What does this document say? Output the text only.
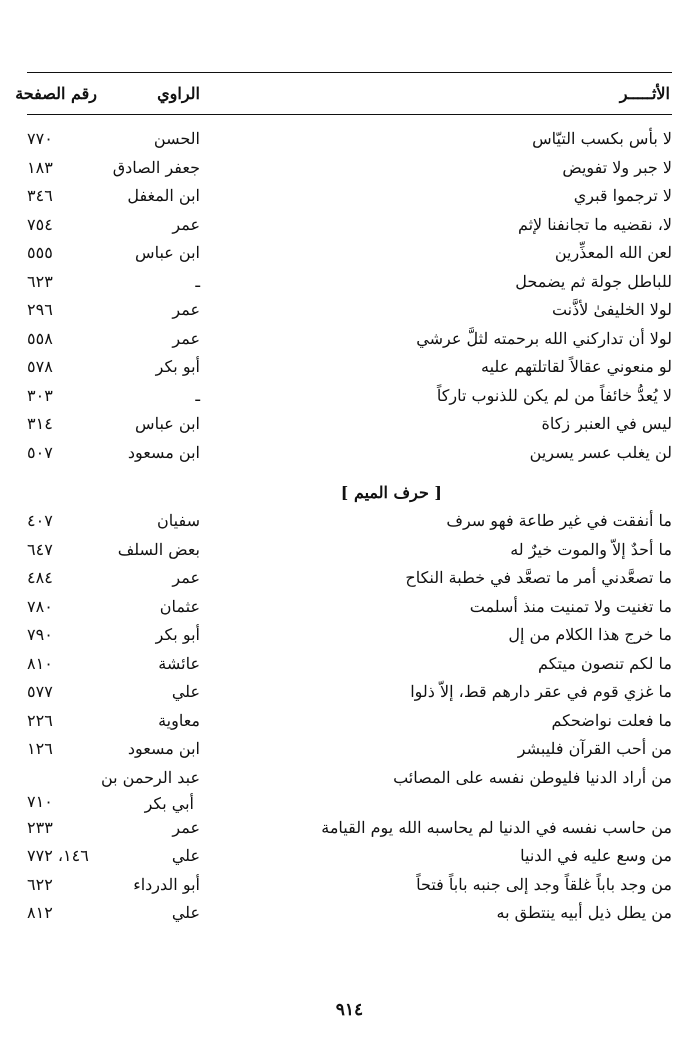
الأثـــــر
الراوي
رقم الصفحة
لا بأس بكسب التيّاس
الحسن
٧٧٠
لا جبر ولا تفويض
جعفر الصادق
١٨٣
لا ترجموا قبري
ابن المغفل
٣٤٦
لا، نقضيه ما تجانفنا لإثم
عمر
٧٥٤
لعن الله المعذِّرين
ابن عباس
٥٥٥
للباطل جولة ثم يضمحل
ـ
٦٢٣
لولا الخليفىٰ لأذَّنت
عمر
٢٩٦
لولا أن تداركني الله برحمته لثلَّ عرشي
عمر
٥٥٨
لو منعوني عقالاً لقاتلتهم عليه
أبو بكر
٥٧٨
لا يُعدُّ خائفاً من لم يكن للذنوب تاركاً
ـ
٣٠٣
ليس في العنبر زكاة
ابن عباس
٣١٤
لن يغلب عسر يسرين
ابن مسعود
٥٠٧
[ حرف الميم ]
ما أنفقت في غير طاعة فهو سرف
سفيان
٤٠٧
ما أحدٌ إلاّ والموت خيرٌ له
بعض السلف
٦٤٧
ما تصعَّدني أمر ما تصعَّد في خطبة النكاح
عمر
٤٨٤
ما تغنيت ولا تمنيت منذ أسلمت
عثمان
٧٨٠
ما خرج هذا الكلام من إل
أبو بكر
٧٩٠
ما لكم تنصون ميتكم
عائشة
٨١٠
ما غزي قوم في عقر دارهم قط، إلاّ ذلوا
علي
٥٧٧
ما فعلت نواضحكم
معاوية
٢٢٦
من أحب القرآن فليبشر
ابن مسعود
١٢٦
من أراد الدنيا فليوطن نفسه على المصائب
عبد الرحمن بن
أبي بكر
٧١٠
من حاسب نفسه في الدنيا لم يحاسبه الله يوم القيامة
عمر
٢٣٣
من وسع عليه في الدنيا
علي
١٤٦، ٧٧٢
من وجد باباً غلقاً وجد إلى جنبه باباً فتحاً
أبو الدرداء
٦٢٢
من يطل ذيل أبيه ينتطق به
علي
٨١٢
٩١٤
